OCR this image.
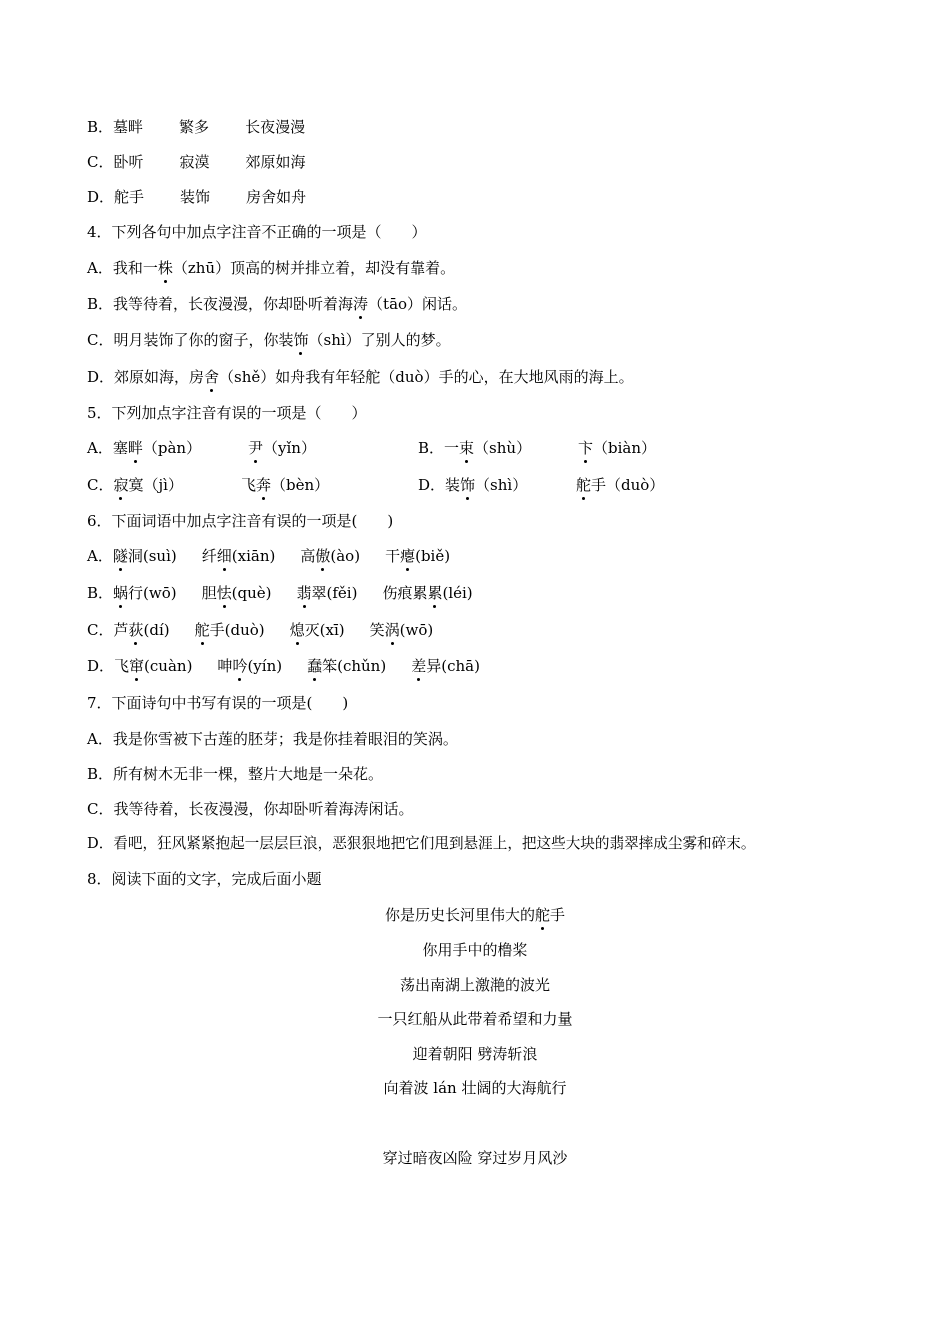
B．墓畔 繁多 长夜漫漫
C．卧听 寂漠 郊原如海
D．舵手 装饰 房舍如舟
4．下列各句中加点字注音不正确的一项是（　　）
A．我和一株（zhū）顶高的树并排立着，却没有靠着。
B．我等待着，长夜漫漫，你却卧听着海涛（tāo）闲话。
C．明月装饰了你的窗子，你装饰（shì）了别人的梦。
D．郊原如海，房舍（shě）如舟我有年轻舵（duò）手的心，在大地风雨的海上。
5．下列加点字注音有误的一项是（　　）
A．塞畔（pàn）	尹（yǐn）	B．一束（shù）	卞（biàn）
C．寂寞（jì）	飞奔（bèn）	D．装饰（shì）	舵手（duò）
6．下面词语中加点字注音有误的一项是(　　)
A．隧洞(suì) 纤细(xiān) 高傲(ào) 干瘪(biě)
B．蜗行(wō) 胆怯(què) 翡翠(fěi) 伤痕累累(léi)
C．芦荻(dí) 舵手(duò) 熄灭(xī) 笑涡(wō)
D．飞窜(cuàn) 呻吟(yín) 蠢笨(chǔn) 差异(chā)
7．下面诗句中书写有误的一项是(　　)
A．我是你雪被下古莲的胚芽；我是你挂着眼泪的笑涡。
B．所有树木无非一棵，整片大地是一朵花。
C．我等待着，长夜漫漫，你却卧听着海涛闲话。
D．看吧，狂风紧紧抱起一层层巨浪，恶狠狠地把它们甩到悬涯上，把这些大块的翡翠摔成尘雾和碎末。
8．阅读下面的文字，完成后面小题
你是历史长河里伟大的舵手
你用手中的橹桨
荡出南湖上激滟的波光
一只红船从此带着希望和力量
迎着朝阳 劈涛斩浪
向着波 lán 壮阔的大海航行
穿过暗夜凶险 穿过岁月风沙
